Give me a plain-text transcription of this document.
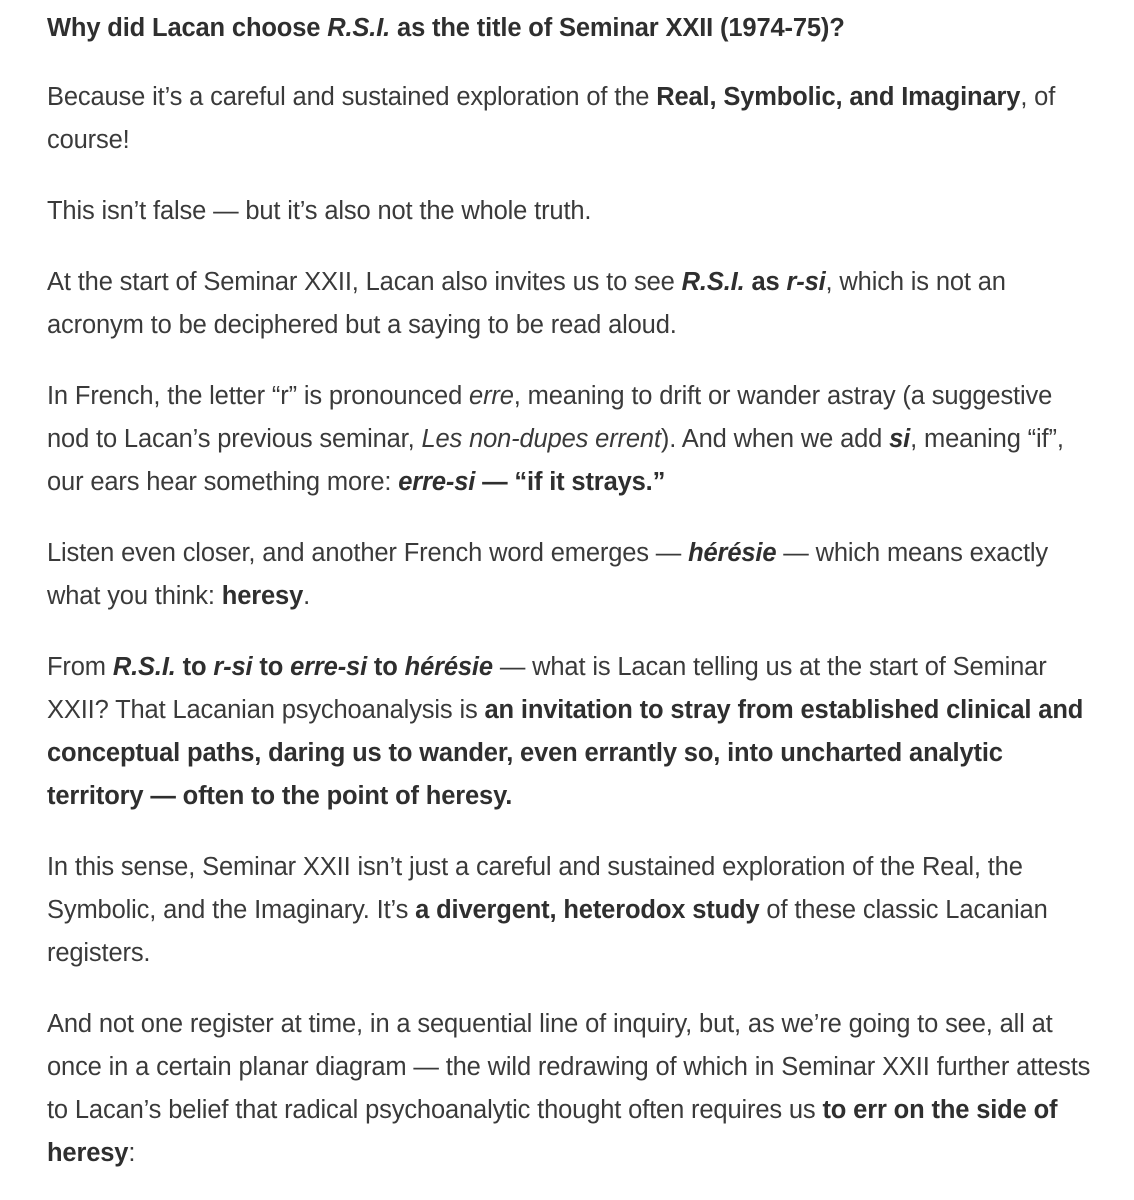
Why did Lacan choose R.S.I. as the title of Seminar XXII (1974-75)?

Because it’s a careful and sustained exploration of the Real, Symbolic, and Imaginary, of course!

This isn’t false — but it’s also not the whole truth.

At the start of Seminar XXII, Lacan also invites us to see R.S.I. as r-si, which is not an acronym to be deciphered but a saying to be read aloud.

In French, the letter “r” is pronounced erre, meaning to drift or wander astray (a suggestive nod to Lacan’s previous seminar, Les non-dupes errent). And when we add si, meaning “if”, our ears hear something more: erre-si — “if it strays.”

Listen even closer, and another French word emerges — hérésie — which means exactly what you think: heresy.

From R.S.I. to r-si to erre-si to hérésie — what is Lacan telling us at the start of Seminar XXII? That Lacanian psychoanalysis is an invitation to stray from established clinical and conceptual paths, daring us to wander, even errantly so, into uncharted analytic territory — often to the point of heresy.

In this sense, Seminar XXII isn’t just a careful and sustained exploration of the Real, the Symbolic, and the Imaginary. It’s a divergent, heterodox study of these classic Lacanian registers.

And not one register at time, in a sequential line of inquiry, but, as we’re going to see, all at once in a certain planar diagram — the wild redrawing of which in Seminar XXII further attests to Lacan’s belief that radical psychoanalytic thought often requires us to err on the side of heresy:
